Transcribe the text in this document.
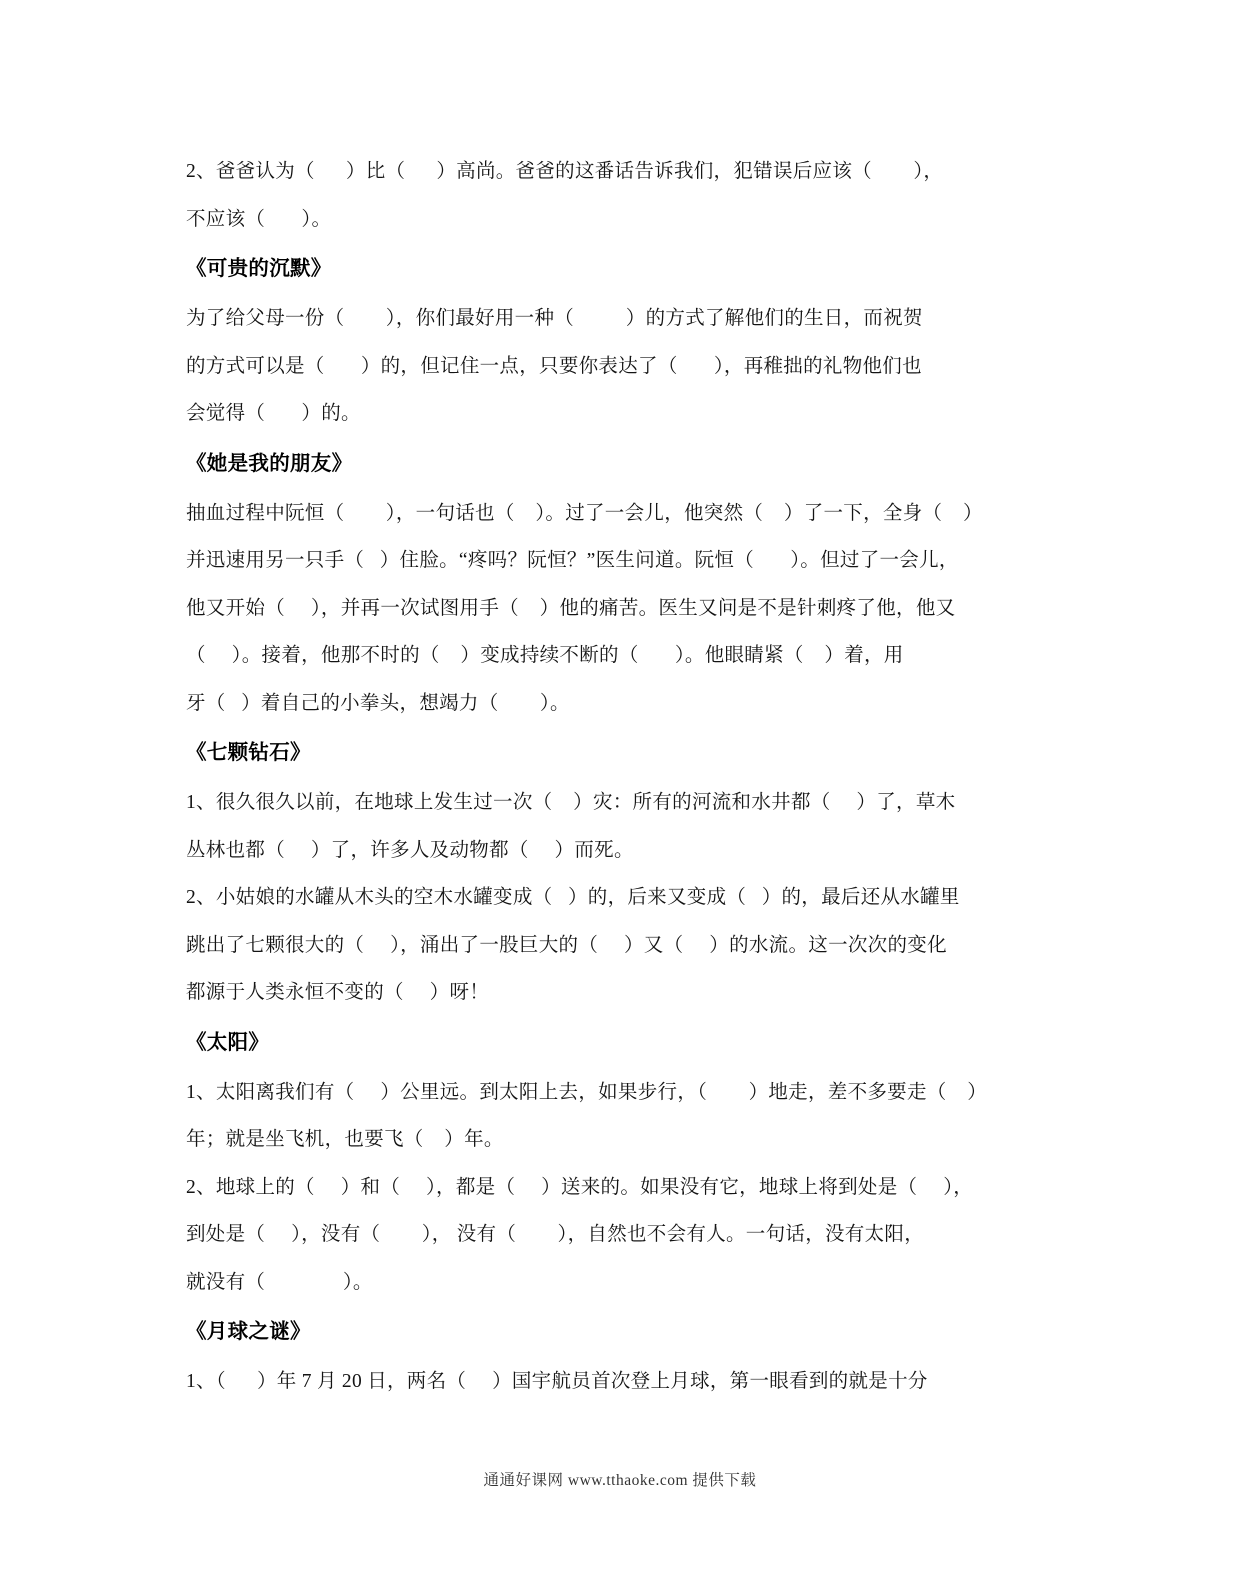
2、爸爸认为（      ）比（      ）高尚。爸爸的这番话告诉我们，犯错误后应该（        ），
不应该（       ）。
《可贵的沉默》
为了给父母一份（        ），你们最好用一种（          ）的方式了解他们的生日，而祝贺
的方式可以是（       ）的，但记住一点，只要你表达了（       ），再稚拙的礼物他们也
会觉得（       ）的。
《她是我的朋友》
抽血过程中阮恒（        ），一句话也（    ）。过了一会儿，他突然（    ）了一下，全身（    ）
并迅速用另一只手（   ）住脸。“疼吗？阮恒？”医生问道。阮恒（       ）。但过了一会儿，
他又开始（     ），并再一次试图用手（    ）他的痛苦。医生又问是不是针刺疼了他，他又
（     ）。接着，他那不时的（    ）变成持续不断的（       ）。他眼睛紧（    ）着，用
牙（   ）着自己的小拳头，想竭力（        ）。
《七颗钻石》
1、很久很久以前，在地球上发生过一次（    ）灾：所有的河流和水井都（     ）了，草木
丛林也都（     ）了，许多人及动物都（     ）而死。
2、小姑娘的水罐从木头的空木水罐变成（   ）的，后来又变成（   ）的，最后还从水罐里
跳出了七颗很大的（     ），涌出了一股巨大的（     ）又（     ）的水流。这一次次的变化
都源于人类永恒不变的（     ）呀！
《太阳》
1、太阳离我们有（     ）公里远。到太阳上去，如果步行，（        ）地走，差不多要走（    ）
年；就是坐飞机，也要飞（    ）年。
2、地球上的（     ）和（     ），都是（     ）送来的。如果没有它，地球上将到处是（     ），
到处是（     ），没有（        ）， 没有（        ），自然也不会有人。一句话，没有太阳，
就没有（               ）。
《月球之谜》
1、（      ）年 7 月 20 日，两名（     ）国宇航员首次登上月球，第一眼看到的就是十分
通通好课网 www.tthaoke.com 提供下载
